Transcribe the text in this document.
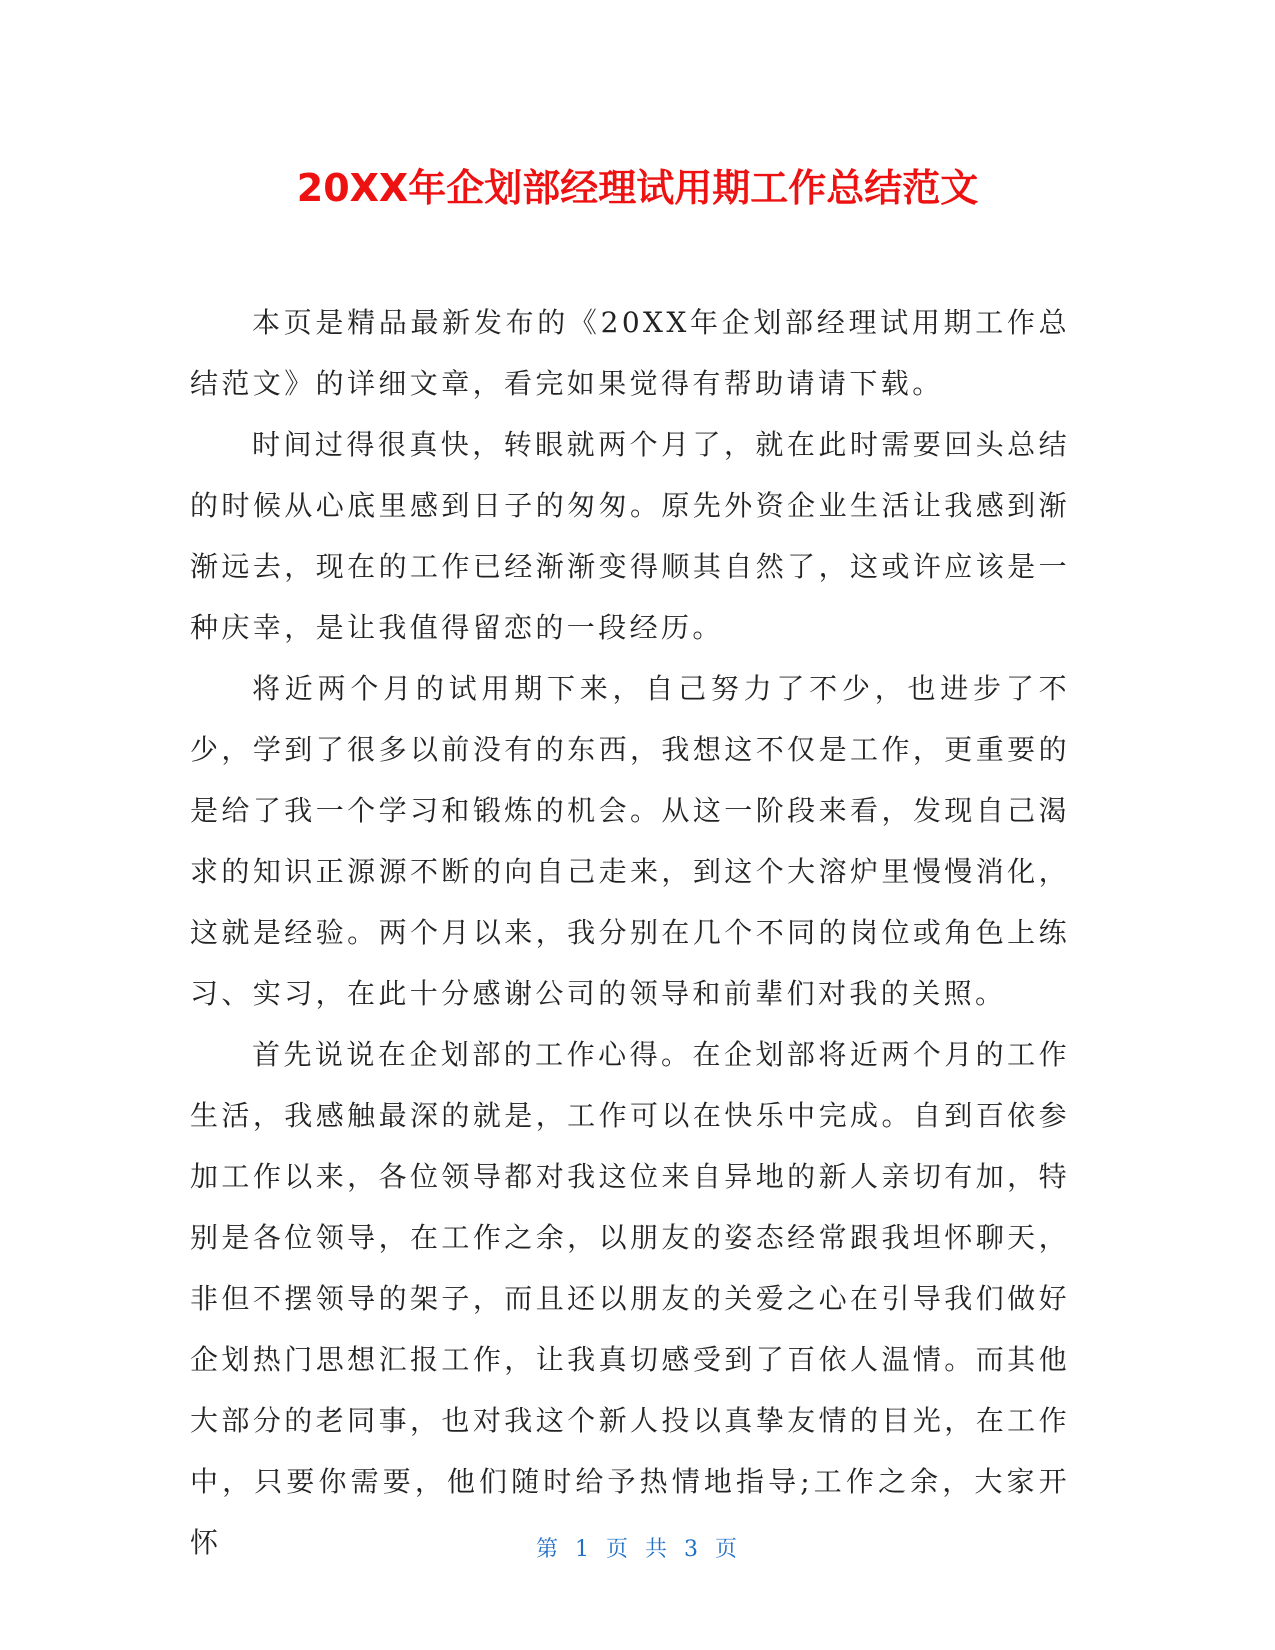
20XX年企划部经理试用期工作总结范文

本页是精品最新发布的《20XX年企划部经理试用期工作总结范文》的详细文章，看完如果觉得有帮助请请下载。

时间过得很真快，转眼就两个月了，就在此时需要回头总结的时候从心底里感到日子的匆匆。原先外资企业生活让我感到渐渐远去，现在的工作已经渐渐变得顺其自然了，这或许应该是一种庆幸，是让我值得留恋的一段经历。

将近两个月的试用期下来，自己努力了不少，也进步了不少，学到了很多以前没有的东西，我想这不仅是工作，更重要的是给了我一个学习和锻炼的机会。从这一阶段来看，发现自己渴求的知识正源源不断的向自己走来，到这个大溶炉里慢慢消化，这就是经验。两个月以来，我分别在几个不同的岗位或角色上练习、实习，在此十分感谢公司的领导和前辈们对我的关照。

首先说说在企划部的工作心得。在企划部将近两个月的工作生活，我感触最深的就是，工作可以在快乐中完成。自到百依参加工作以来，各位领导都对我这位来自异地的新人亲切有加，特别是各位领导，在工作之余，以朋友的姿态经常跟我坦怀聊天，非但不摆领导的架子，而且还以朋友的关爱之心在引导我们做好企划热门思想汇报工作，让我真切感受到了百依人温情。而其他大部分的老同事，也对我这个新人投以真挚友情的目光，在工作中，只要你需要，他们随时给予热情地指导;工作之余，大家开怀	第 1 页 共 3 页
